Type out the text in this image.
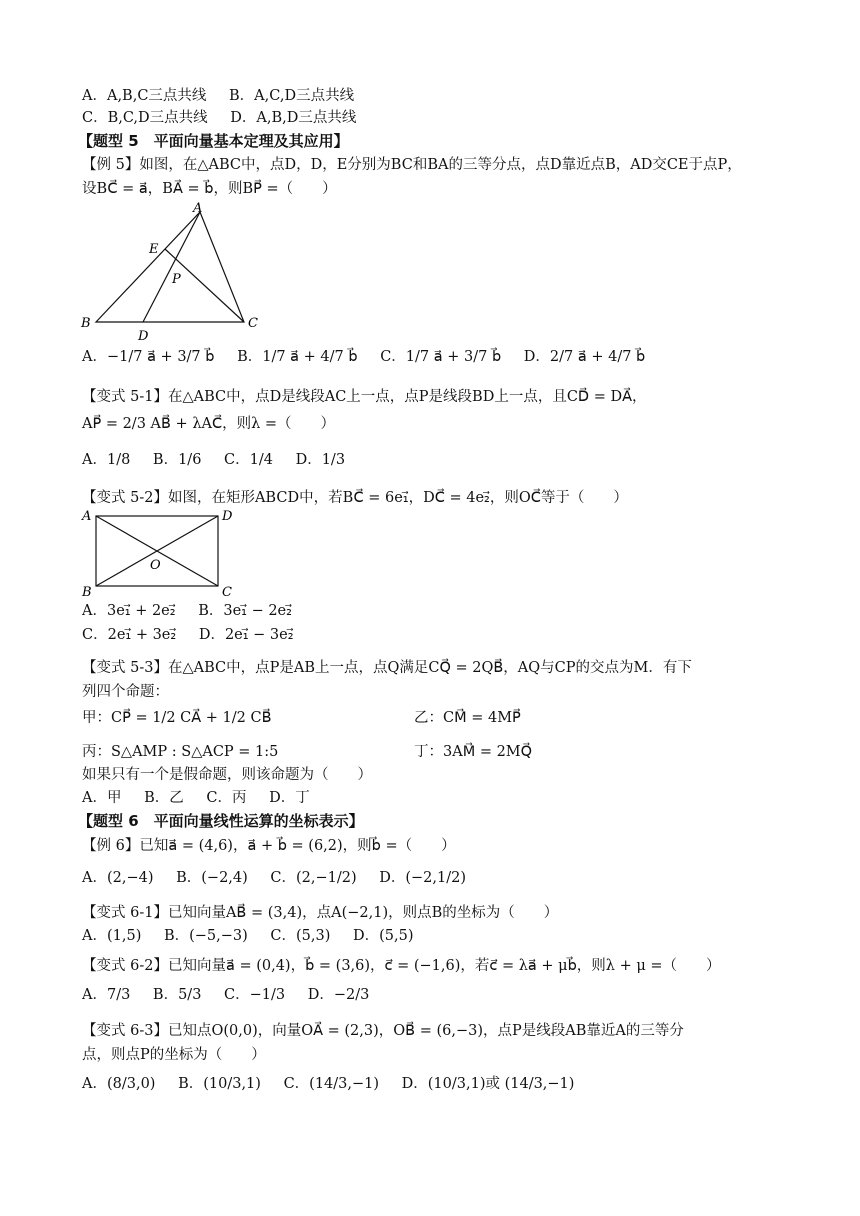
A．A,B,C三点共线 B．A,C,D三点共线
C．B,C,D三点共线 D．A,B,D三点共线
【题型 5　平面向量基本定理及其应用】
【例 5】如图，在△ABC中，点D，D，E分别为BC和BA的三等分点，点D靠近点B，AD交CE于点P，
设BC⃗ = a⃗，BA⃗ = b⃗，则BP⃗ =（　　）
A
B	C
D
E
P
A．−1/7 a⃗ + 3/7 b⃗ B．1/7 a⃗ + 4/7 b⃗ C．1/7 a⃗ + 3/7 b⃗ D．2/7 a⃗ + 4/7 b⃗
【变式 5-1】在△ABC中，点D是线段AC上一点，点P是线段BD上一点，且CD⃗ = DA⃗，
AP⃗ = 2/3 AB⃗ + λAC⃗，则λ =（　　）
A．1/8 B．1/6 C．1/4 D．1/3
【变式 5-2】如图，在矩形ABCD中，若BC⃗ = 6e₁⃗，DC⃗ = 4e₂⃗，则OC⃗等于（　　）
A	D
B	C
O
A．3e₁⃗ + 2e₂⃗ B．3e₁⃗ − 2e₂⃗
C．2e₁⃗ + 3e₂⃗ D．2e₁⃗ − 3e₂⃗
【变式 5-3】在△ABC中，点P是AB上一点，点Q满足CQ⃗ = 2QB⃗，AQ与CP的交点为M．有下
列四个命题：
甲：CP⃗ = 1/2 CA⃗ + 1/2 CB⃗	乙：CM⃗ = 4MP⃗
丙：S△AMP : S△ACP = 1:5	丁：3AM⃗ = 2MQ⃗
如果只有一个是假命题，则该命题为（　　）
A．甲 B．乙 C．丙 D．丁
【题型 6　平面向量线性运算的坐标表示】
【例 6】已知a⃗ = (4,6)，a⃗ + b⃗ = (6,2)，则b⃗ =（　　）
A．(2,−4) B．(−2,4) C．(2,−1/2) D．(−2,1/2)
【变式 6-1】已知向量AB⃗ = (3,4)，点A(−2,1)，则点B的坐标为（　　）
A．(1,5) B．(−5,−3) C．(5,3) D．(5,5)
【变式 6-2】已知向量a⃗ = (0,4)，b⃗ = (3,6)，c⃗ = (−1,6)，若c⃗ = λa⃗ + μb⃗，则λ + μ =（　　）
A．7/3 B．5/3 C．−1/3 D．−2/3
【变式 6-3】已知点O(0,0)，向量OA⃗ = (2,3)，OB⃗ = (6,−3)，点P是线段AB靠近A的三等分
点，则点P的坐标为（　　）
A．(8/3,0) B．(10/3,1) C．(14/3,−1) D．(10/3,1)或 (14/3,−1)
